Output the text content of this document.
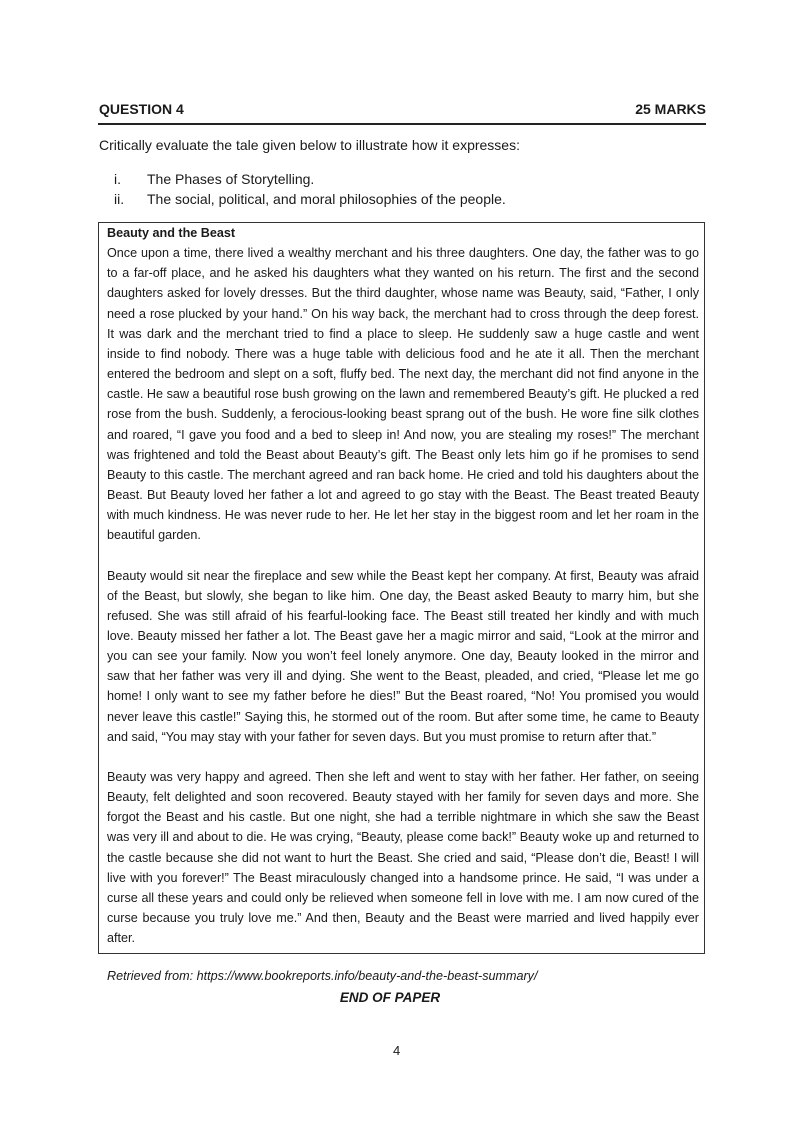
QUESTION 4	25 MARKS
Critically evaluate the tale given below to illustrate how it expresses:
i.	The Phases of Storytelling.
ii.	The social, political, and moral philosophies of the people.

Beauty and the Beast

Once upon a time, there lived a wealthy merchant and his three daughters. One day, the father was to go to a far-off place, and he asked his daughters what they wanted on his return. The first and the second daughters asked for lovely dresses. But the third daughter, whose name was Beauty, said, “Father, I only need a rose plucked by your hand.” On his way back, the merchant had to cross through the deep forest. It was dark and the merchant tried to find a place to sleep. He suddenly saw a huge castle and went inside to find nobody. There was a huge table with delicious food and he ate it all. Then the merchant entered the bedroom and slept on a soft, fluffy bed. The next day, the merchant did not find anyone in the castle. He saw a beautiful rose bush growing on the lawn and remembered Beauty’s gift. He plucked a red rose from the bush. Suddenly, a ferocious-looking beast sprang out of the bush. He wore fine silk clothes and roared, “I gave you food and a bed to sleep in! And now, you are stealing my roses!” The merchant was frightened and told the Beast about Beauty’s gift. The Beast only lets him go if he promises to send Beauty to this castle. The merchant agreed and ran back home. He cried and told his daughters about the Beast. But Beauty loved her father a lot and agreed to go stay with the Beast. The Beast treated Beauty with much kindness. He was never rude to her. He let her stay in the biggest room and let her roam in the beautiful garden.

Beauty would sit near the fireplace and sew while the Beast kept her company. At first, Beauty was afraid of the Beast, but slowly, she began to like him. One day, the Beast asked Beauty to marry him, but she refused. She was still afraid of his fearful-looking face. The Beast still treated her kindly and with much love. Beauty missed her father a lot. The Beast gave her a magic mirror and said, “Look at the mirror and you can see your family. Now you won’t feel lonely anymore. One day, Beauty looked in the mirror and saw that her father was very ill and dying. She went to the Beast, pleaded, and cried, “Please let me go home! I only want to see my father before he dies!” But the Beast roared, “No! You promised you would never leave this castle!” Saying this, he stormed out of the room. But after some time, he came to Beauty and said, “You may stay with your father for seven days. But you must promise to return after that.”

Beauty was very happy and agreed. Then she left and went to stay with her father. Her father, on seeing Beauty, felt delighted and soon recovered. Beauty stayed with her family for seven days and more. She forgot the Beast and his castle. But one night, she had a terrible nightmare in which she saw the Beast was very ill and about to die. He was crying, “Beauty, please come back!” Beauty woke up and returned to the castle because she did not want to hurt the Beast. She cried and said, “Please don’t die, Beast! I will live with you forever!” The Beast miraculously changed into a handsome prince. He said, “I was under a curse all these years and could only be relieved when someone fell in love with me. I am now cured of the curse because you truly love me.” And then, Beauty and the Beast were married and lived happily ever after.

Retrieved from: https://www.bookreports.info/beauty-and-the-beast-summary/

END OF PAPER
4
